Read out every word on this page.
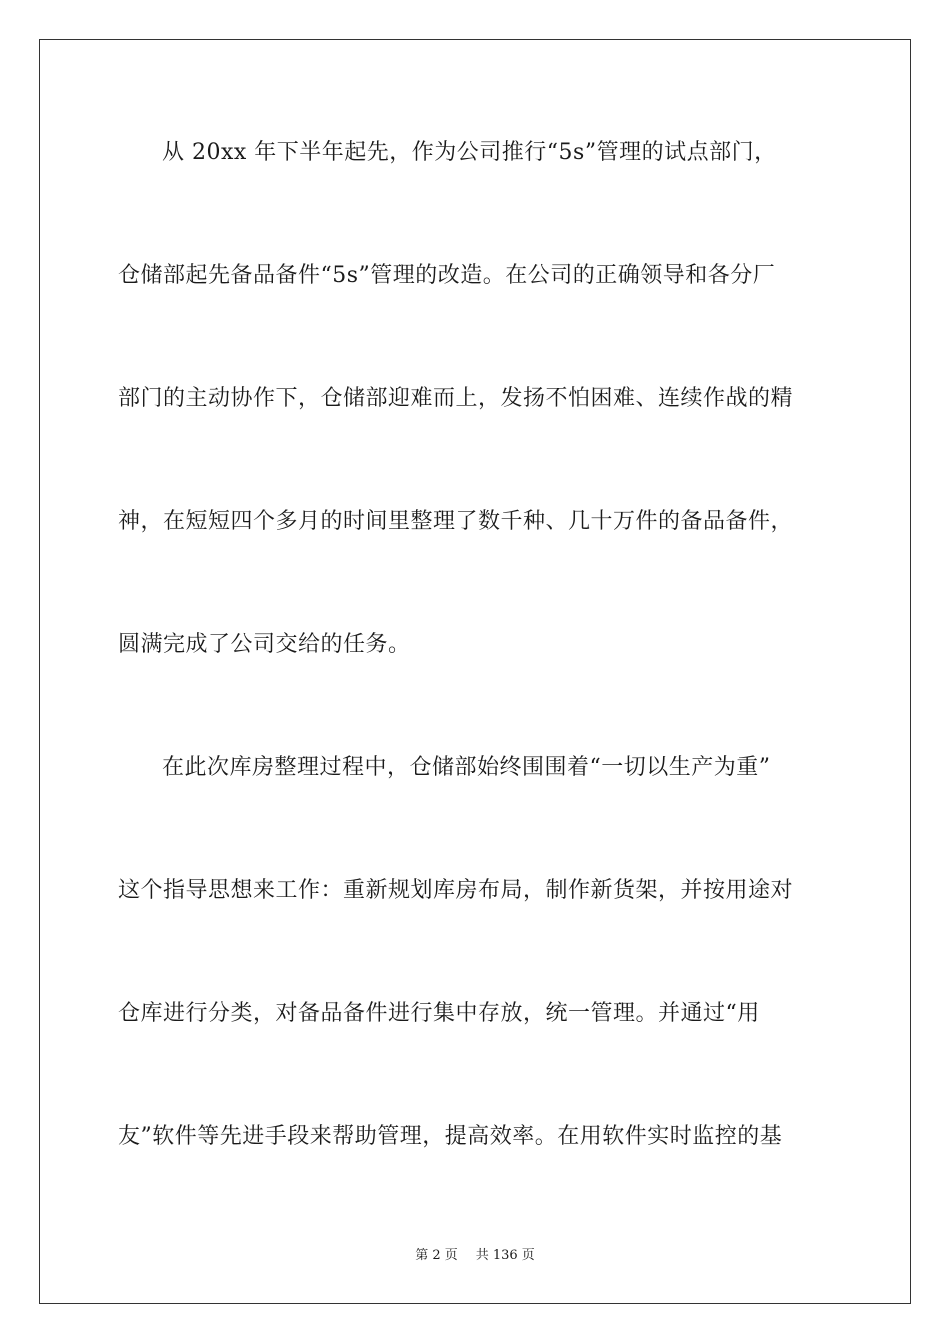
从 20xx 年下半年起先，作为公司推行“5s”管理的试点部门，
仓储部起先备品备件“5s”管理的改造。在公司的正确领导和各分厂
部门的主动协作下，仓储部迎难而上，发扬不怕困难、连续作战的精
神，在短短四个多月的时间里整理了数千种、几十万件的备品备件，
圆满完成了公司交给的任务。
在此次库房整理过程中，仓储部始终围围着“一切以生产为重”
这个指导思想来工作：重新规划库房布局，制作新货架，并按用途对
仓库进行分类，对备品备件进行集中存放，统一管理。并通过“用
友”软件等先进手段来帮助管理，提高效率。在用软件实时监控的基
第 2 页 共 136 页
